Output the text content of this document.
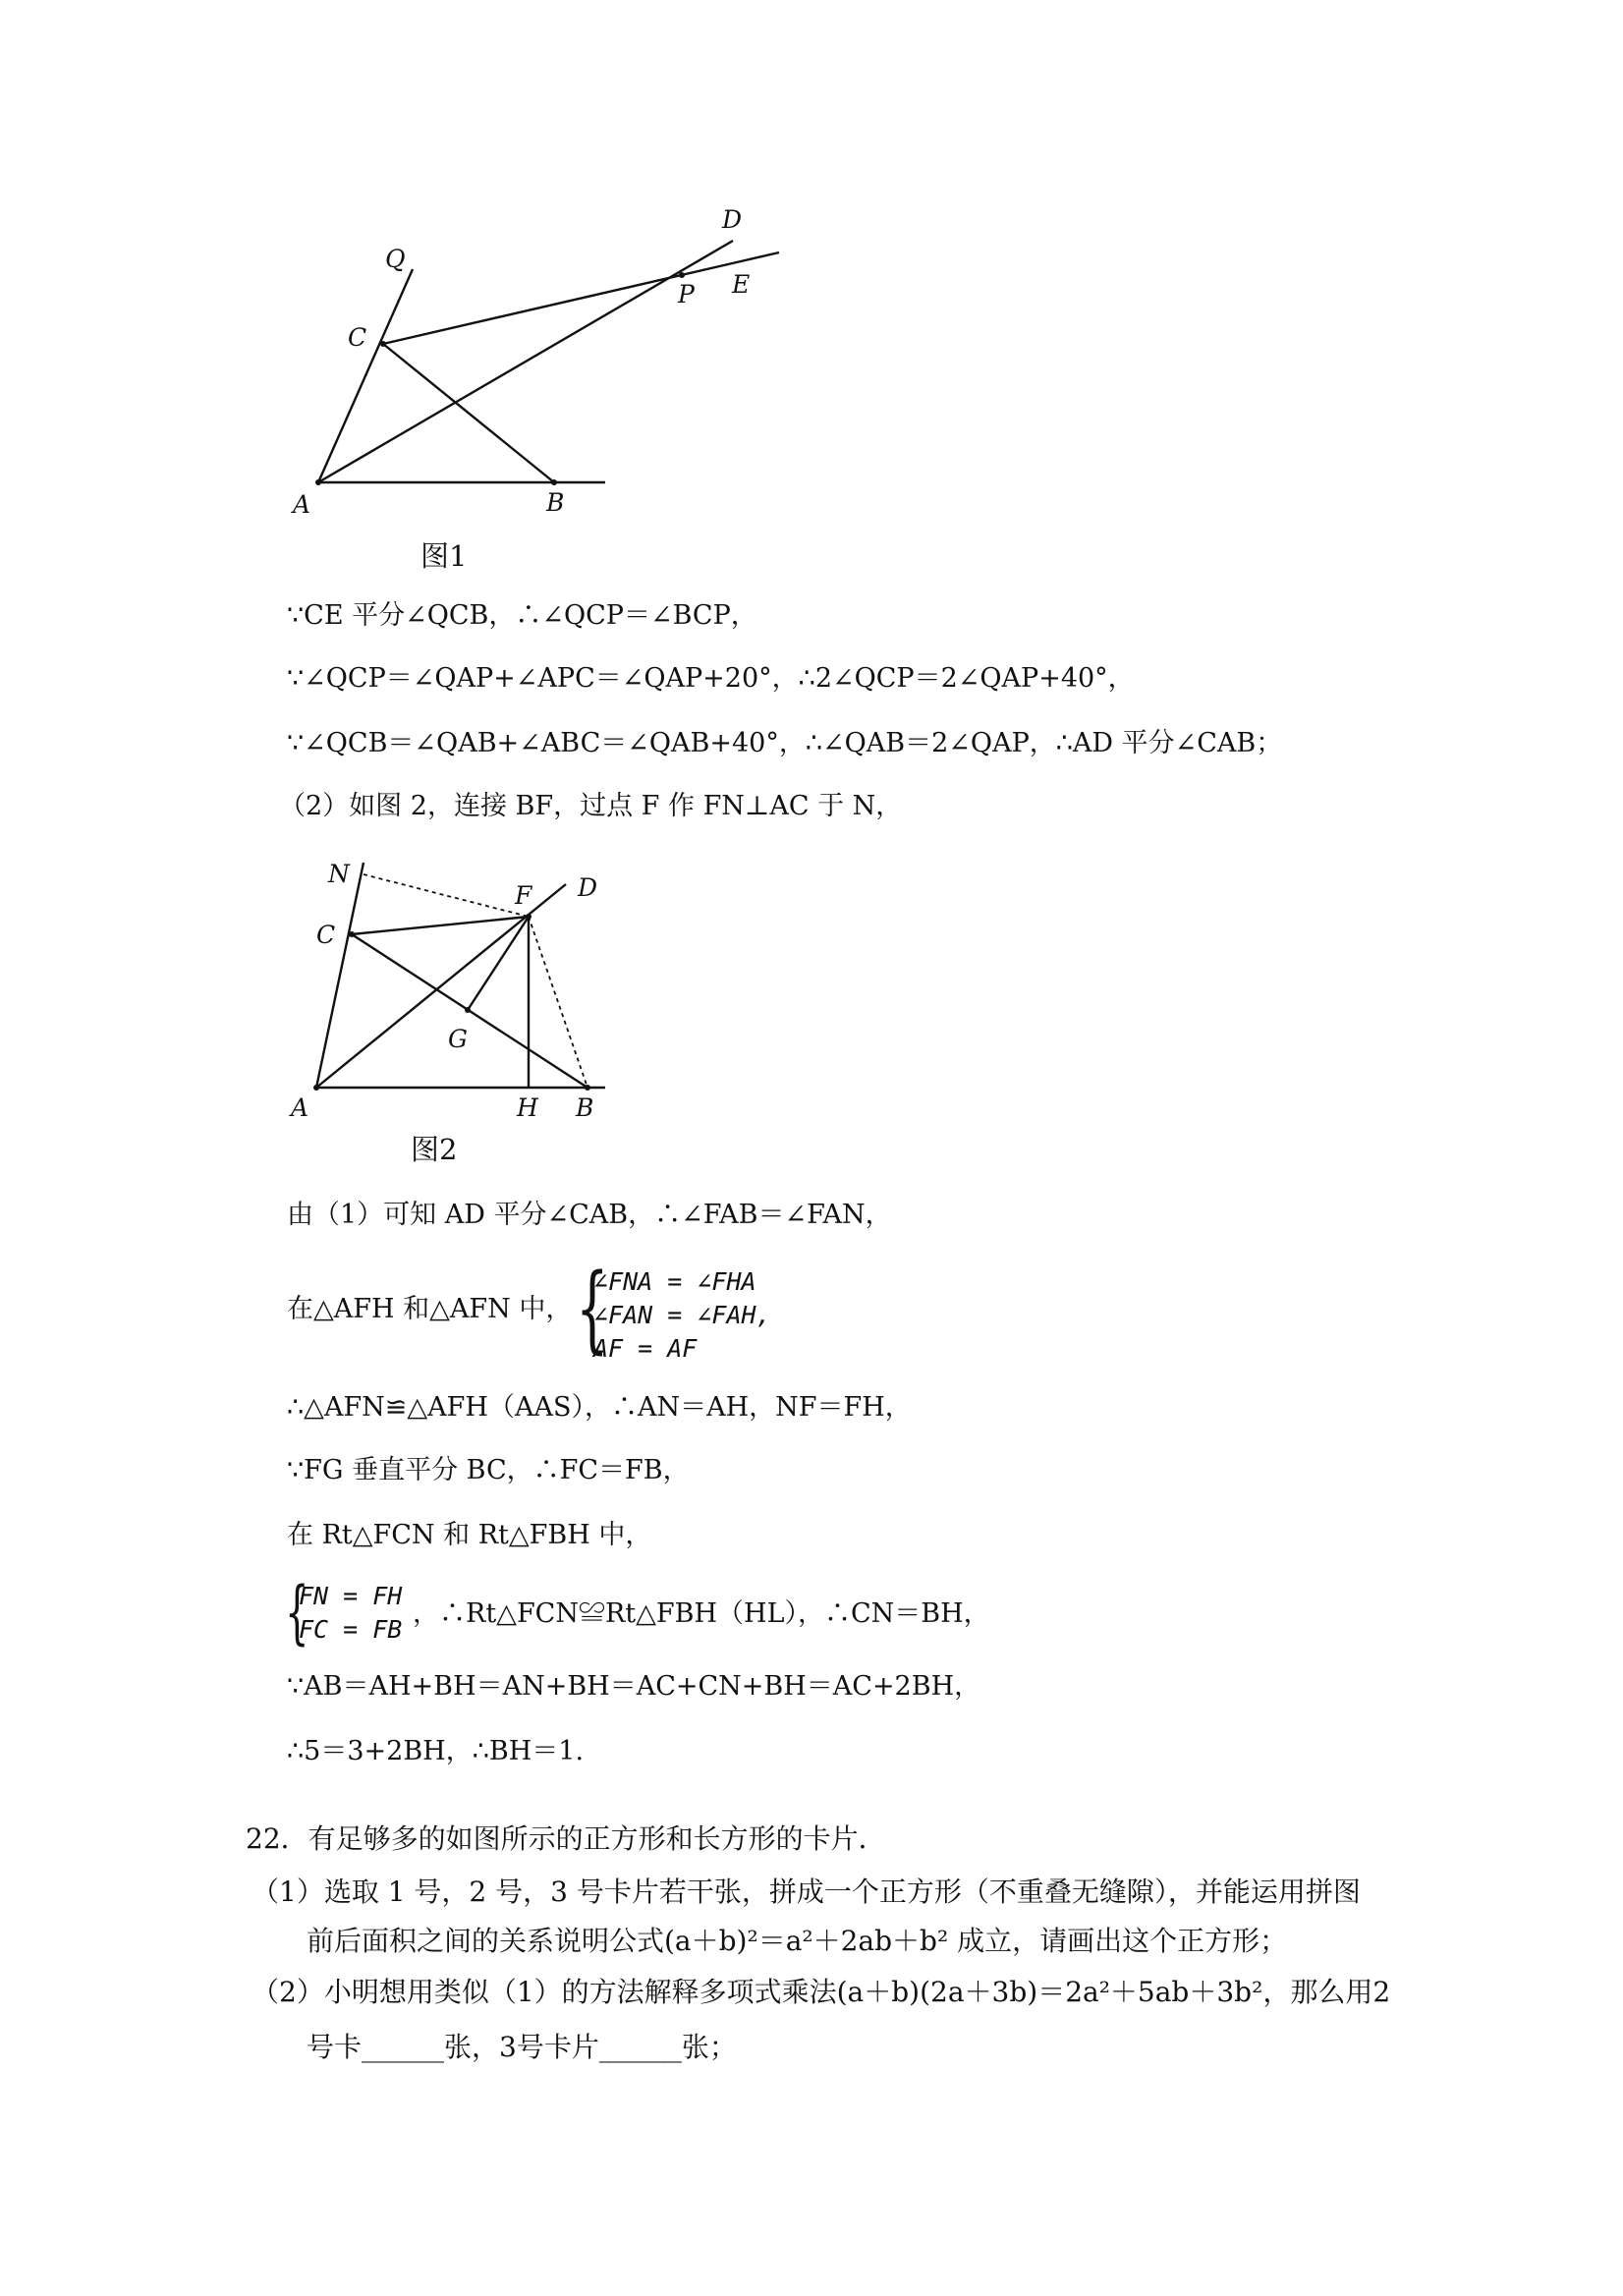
Q
D
C
P E
A	B
图1
∵CE 平分∠QCB，∴∠QCP＝∠BCP，
∵∠QCP＝∠QAP+∠APC＝∠QAP+20°，∴2∠QCP＝2∠QAP+40°，
∵∠QCB＝∠QAB+∠ABC＝∠QAB+40°，∴∠QAB＝2∠QAP，∴AD 平分∠CAB；
（2）如图 2，连接 BF，过点 F 作 FN⊥AC 于 N，
N
F D
C
G
A	H B
图2
由（1）可知 AD 平分∠CAB，∴∠FAB＝∠FAN，
在△AFH 和△AFN 中， {
∠FNA = ∠FHA
∠FAN = ∠FAH,
AF = AF
∴△AFN≌△AFH（AAS），∴AN＝AH，NF＝FH，
∵FG 垂直平分 BC，∴FC＝FB，
在 Rt△FCN 和 Rt△FBH 中，
{
FN = FH
FC = FB
，∴Rt△FCN≌Rt△FBH（HL），∴CN＝BH，
∵AB＝AH+BH＝AN+BH＝AC+CN+BH＝AC+2BH，
∴5＝3+2BH，∴BH＝1.
22．有足够多的如图所示的正方形和长方形的卡片．
（1）选取 1 号，2 号，3 号卡片若干张，拼成一个正方形（不重叠无缝隙），并能运用拼图
前后面积之间的关系说明公式(a＋b)²＝a²＋2ab＋b² 成立，请画出这个正方形；
（2）小明想用类似（1）的方法解释多项式乘法(a＋b)(2a＋3b)＝2a²＋5ab＋3b²，那么用2
号卡______张，3号卡片______张；
